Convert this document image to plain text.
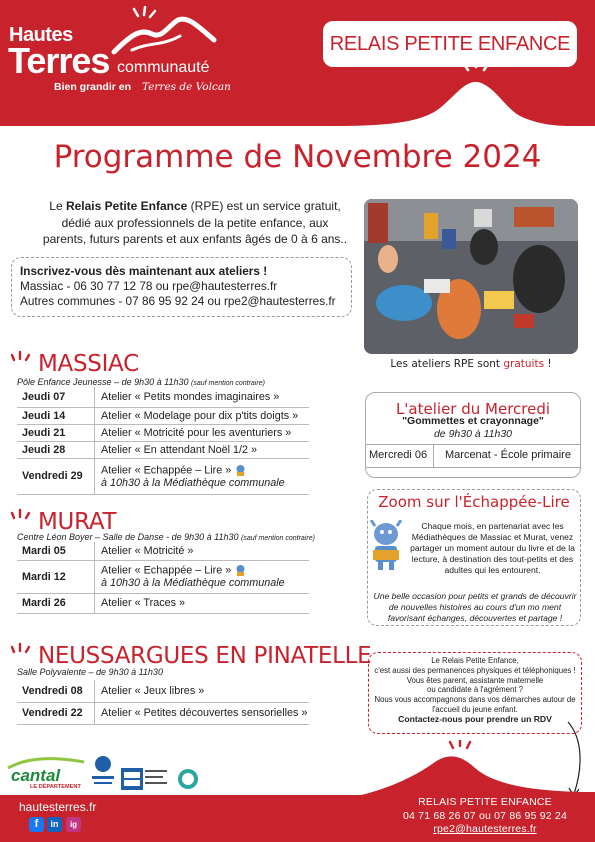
Hautes
Terres communauté
Bien grandir en Terres de Volcan
RELAIS PETITE ENFANCE
Programme de Novembre 2024
Le Relais Petite Enfance (RPE) est un service gratuit,
dédié aux professionnels de la petite enfance, aux
parents, futurs parents et aux enfants âgés de 0 à 6 ans..
Inscrivez-vous dès maintenant aux ateliers !
Massiac - 06 30 77 12 78 ou rpe@hautesterres.fr
Autres communes - 07 86 95 92 24 ou rpe2@hautesterres.fr
Les ateliers RPE sont gratuits !
MASSIAC
Pôle Enfance Jeunesse – de 9h30 à 11h30 (sauf mention contraire)
Jeudi 07	Atelier « Petits mondes imaginaires »
Jeudi 14	Atelier « Modelage pour dix p'tits doigts »
Jeudi 21	Atelier « Motricité pour les aventuriers »
Jeudi 28	Atelier « En attendant Noël 1/2 »
Vendredi 29	Atelier « Echappée – Lire »
à 10h30 à la Médiathèque communale
MURAT
Centre Léon Boyer – Salle de Danse - de 9h30 à 11h30 (sauf mention contraire)
Mardi 05	Atelier « Motricité »
Mardi 12	Atelier « Echappée – Lire »
à 10h30 à la Médiathèque communale
Mardi 26	Atelier « Traces »
NEUSSARGUES EN PINATELLE
Salle Polyvalente – de 9h30 à 11h30
Vendredi 08	Atelier « Jeux libres »
Vendredi 22	Atelier « Petites découvertes sensorielles »
L'atelier du Mercredi
"Gommettes et crayonnage"
de 9h30 à 11h30
Mercredi 06 Marcenat - École primaire
Zoom sur l'Échappée-Lire
Chaque mois, en partenariat avec les Médiathèques de Massiac et Murat, venez partager un moment autour du livre et de la lecture, à destination des tout-petits et des adultes qui les entourent.
Une belle occasion pour petits et grands de découvrir de nouvelles histoires au cours d'un mo ment favorisant échanges, découvertes et partage !
Le Relais Petite Enfance,
c'est aussi des permanences physiques et téléphoniques !
Vous êtes parent, assistante maternelle
ou candidate à l'agrément ?
Nous vous accompagnons dans vos démarches autour de
l'accueil du jeune enfant.
Contactez-nous pour prendre un RDV
cantal
LE DÉPARTEMENT
hautesterres.fr
f	in	ig
RELAIS PETITE ENFANCE
04 71 68 26 07 ou 07 86 95 92 24
rpe2@hautesterres.fr
